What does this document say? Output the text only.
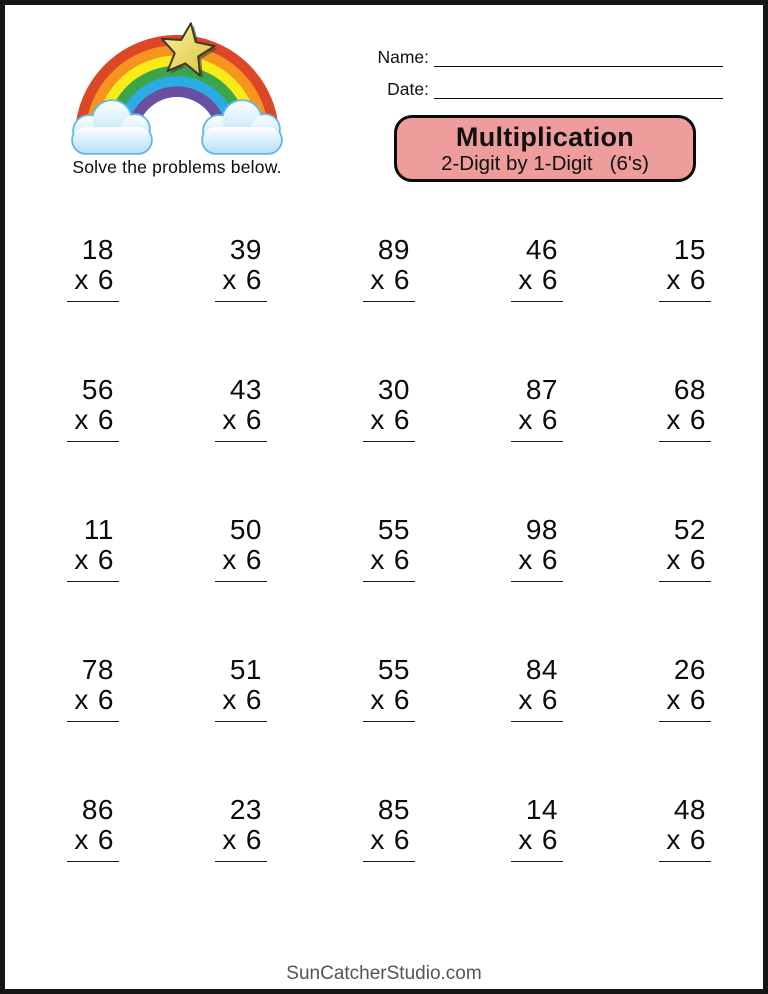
Solve the problems below.
Name:
Date:
Multiplication
2-Digit by 1-Digit   (6's)
18
x 6
39
x 6
89
x 6
46
x 6
15
x 6
56
x 6
43
x 6
30
x 6
87
x 6
68
x 6
11
x 6
50
x 6
55
x 6
98
x 6
52
x 6
78
x 6
51
x 6
55
x 6
84
x 6
26
x 6
86
x 6
23
x 6
85
x 6
14
x 6
48
x 6
SunCatcherStudio.com
